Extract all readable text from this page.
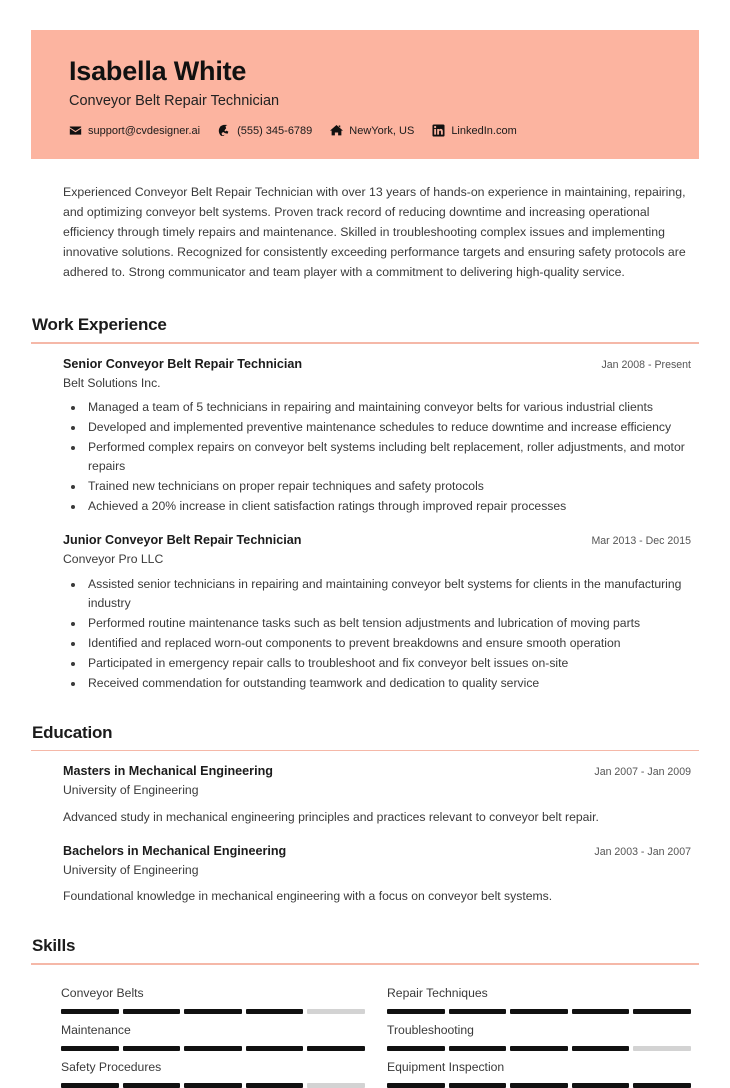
Isabella White
Conveyor Belt Repair Technician
support@cvdesigner.ai	(555) 345-6789	NewYork, US	LinkedIn.com
Experienced Conveyor Belt Repair Technician with over 13 years of hands-on experience in maintaining, repairing, and optimizing conveyor belt systems. Proven track record of reducing downtime and increasing operational efficiency through timely repairs and maintenance. Skilled in troubleshooting complex issues and implementing innovative solutions. Recognized for consistently exceeding performance targets and ensuring safety protocols are adhered to. Strong communicator and team player with a commitment to delivering high-quality service.
Work Experience
Senior Conveyor Belt Repair Technician	Jan 2008 - Present
Belt Solutions Inc.
• Managed a team of 5 technicians in repairing and maintaining conveyor belts for various industrial clients
• Developed and implemented preventive maintenance schedules to reduce downtime and increase efficiency
• Performed complex repairs on conveyor belt systems including belt replacement, roller adjustments, and motor repairs
• Trained new technicians on proper repair techniques and safety protocols
• Achieved a 20% increase in client satisfaction ratings through improved repair processes
Junior Conveyor Belt Repair Technician	Mar 2013 - Dec 2015
Conveyor Pro LLC
• Assisted senior technicians in repairing and maintaining conveyor belt systems for clients in the manufacturing industry
• Performed routine maintenance tasks such as belt tension adjustments and lubrication of moving parts
• Identified and replaced worn-out components to prevent breakdowns and ensure smooth operation
• Participated in emergency repair calls to troubleshoot and fix conveyor belt issues on-site
• Received commendation for outstanding teamwork and dedication to quality service
Education
Masters in Mechanical Engineering	Jan 2007 - Jan 2009
University of Engineering
Advanced study in mechanical engineering principles and practices relevant to conveyor belt repair.
Bachelors in Mechanical Engineering	Jan 2003 - Jan 2007
University of Engineering
Foundational knowledge in mechanical engineering with a focus on conveyor belt systems.
Skills
Conveyor Belts	Repair Techniques
Maintenance	Troubleshooting
Safety Procedures	Equipment Inspection
